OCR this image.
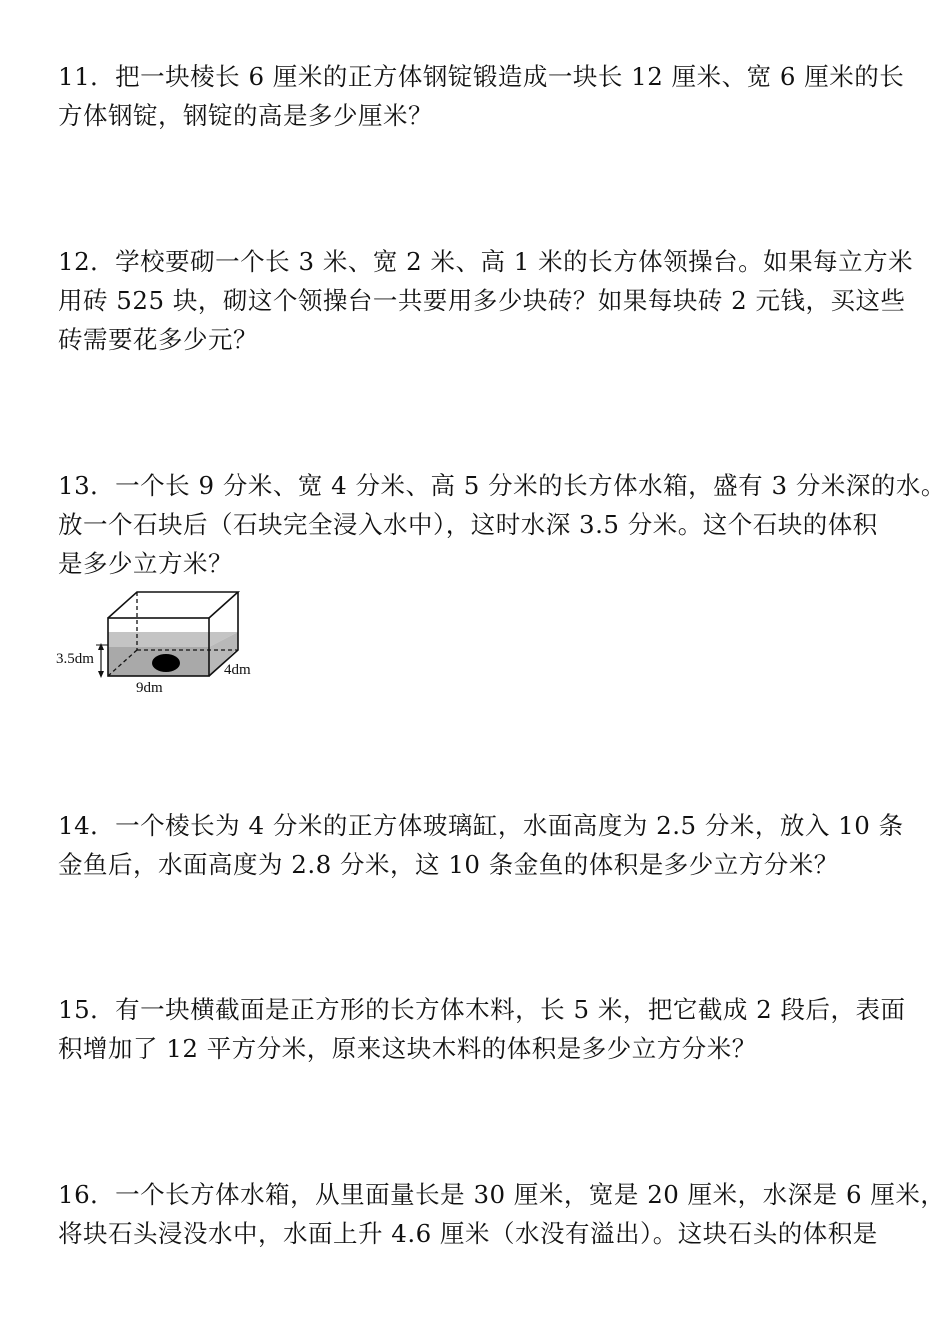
11．把一块棱长 6 厘米的正方体钢锭锻造成一块长 12 厘米、宽 6 厘米的长
方体钢锭，钢锭的高是多少厘米？
12．学校要砌一个长 3 米、宽 2 米、高 1 米的长方体领操台。如果每立方米
用砖 525 块，砌这个领操台一共要用多少块砖？如果每块砖 2 元钱，买这些
砖需要花多少元？
13．一个长 9 分米、宽 4 分米、高 5 分米的长方体水箱，盛有 3 分米深的水。
放一个石块后（石块完全浸入水中），这时水深 3.5 分米。这个石块的体积
是多少立方米？
3.5dm
4dm
9dm
14．一个棱长为 4 分米的正方体玻璃缸，水面高度为 2.5 分米，放入 10 条
金鱼后，水面高度为 2.8 分米，这 10 条金鱼的体积是多少立方分米？
15．有一块横截面是正方形的长方体木料，长 5 米，把它截成 2 段后，表面
积增加了 12 平方分米，原来这块木料的体积是多少立方分米？
16．一个长方体水箱，从里面量长是 30 厘米，宽是 20 厘米，水深是 6 厘米，
将块石头浸没水中，水面上升 4.6 厘米（水没有溢出）。这块石头的体积是
